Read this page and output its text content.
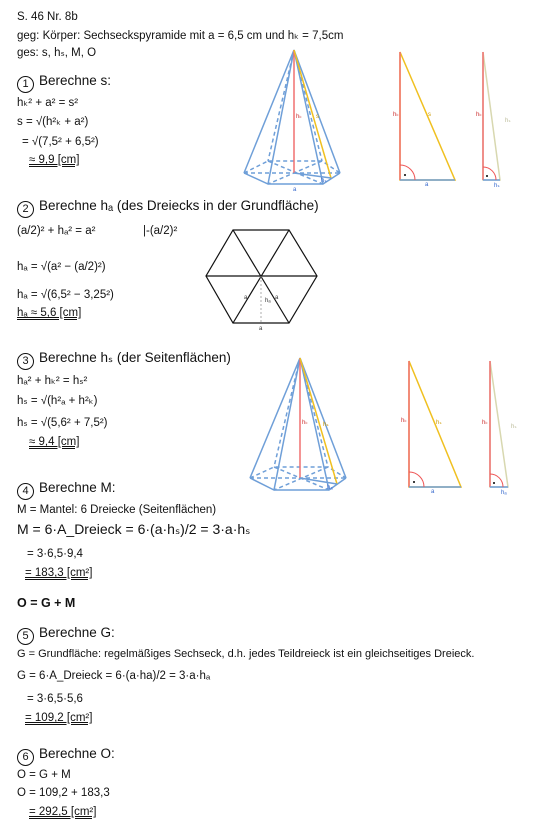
S. 46 Nr. 8b
geg: Körper: Sechseckspyramide mit a = 6,5 cm und hₖ = 7,5cm
ges: s, hₛ, M, O
1 Berechne s:
hₖ² + a² = s²
s = √(h²ₖ + a²)
= √(7,5² + 6,5²)
≈ 9,9 [cm]
2 Berechne hₐ (des Dreiecks in der Grundfläche)
(a/2)² + hₐ² = a²	|-(a/2)²
hₐ = √(a² − (a/2)²)
hₐ = √(6,5² − 3,25²)
hₐ ≈ 5,6 [cm]
3 Berechne hₛ (der Seitenflächen)
hₐ² + hₖ² = hₛ²
hₛ = √(h²ₐ + h²ₖ)
hₛ = √(5,6² + 7,5²)
≈ 9,4 [cm]
4 Berechne M:
M = Mantel: 6 Dreiecke (Seitenflächen)
M = 6·A_Dreieck = 6·(a·hₛ)/2 = 3·a·hₛ
= 3·6,5·9,4
= 183,3 [cm²]
O = G + M
5 Berechne G:
G = Grundfläche: regelmäßiges Sechseck, d.h. jedes Teildreieck ist ein gleichseitiges Dreieck.
G = 6·A_Dreieck = 6·(a·ha)/2 = 3·a·hₐ
= 3·6,5·5,6
= 109,2 [cm²]
6 Berechne O:
O = G + M
O = 109,2 + 183,3
= 292,5 [cm²]
hₖ s
hₛ
a
hₖ	s
a
hₖ
hₛ
hₛ
hₐ
a	a
a
hₖ	hₛ
hₐ
hₖ	hₛ
a
hₖ
hₛ
hₐ
